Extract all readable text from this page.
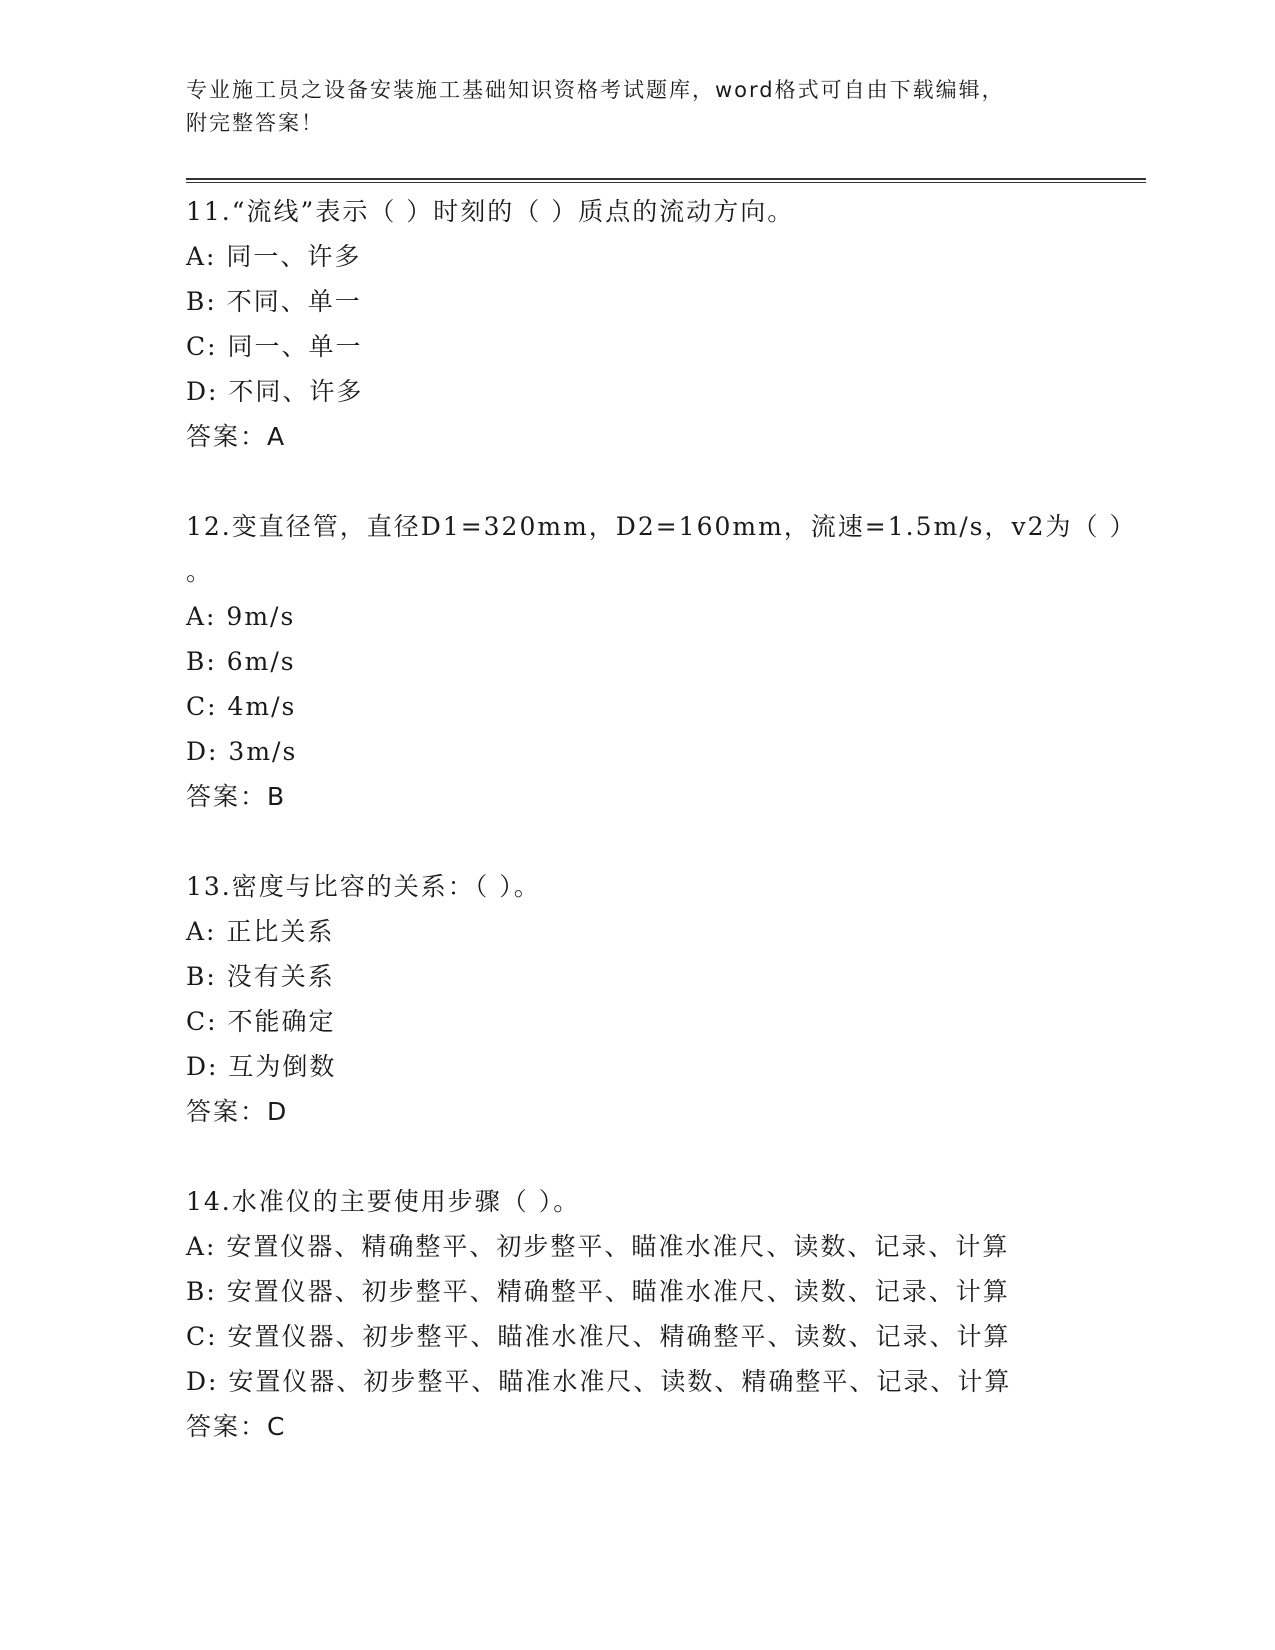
专业施工员之设备安装施工基础知识资格考试题库，word格式可自由下载编辑，
附完整答案！
11.“流线”表示（ ）时刻的（ ）质点的流动方向。
A: 同一、许多
B: 不同、单一
C: 同一、单一
D: 不同、许多
答案：A
12.变直径管，直径D1=320mm，D2=160mm，流速=1.5m/s，v2为（ ）
。
A: 9m/s
B: 6m/s
C: 4m/s
D: 3m/s
答案：B
13.密度与比容的关系：（ ）。
A: 正比关系
B: 没有关系
C: 不能确定
D: 互为倒数
答案：D
14.水准仪的主要使用步骤（ ）。
A: 安置仪器、精确整平、初步整平、瞄准水准尺、读数、记录、计算
B: 安置仪器、初步整平、精确整平、瞄准水准尺、读数、记录、计算
C: 安置仪器、初步整平、瞄准水准尺、精确整平、读数、记录、计算
D: 安置仪器、初步整平、瞄准水准尺、读数、精确整平、记录、计算
答案：C
